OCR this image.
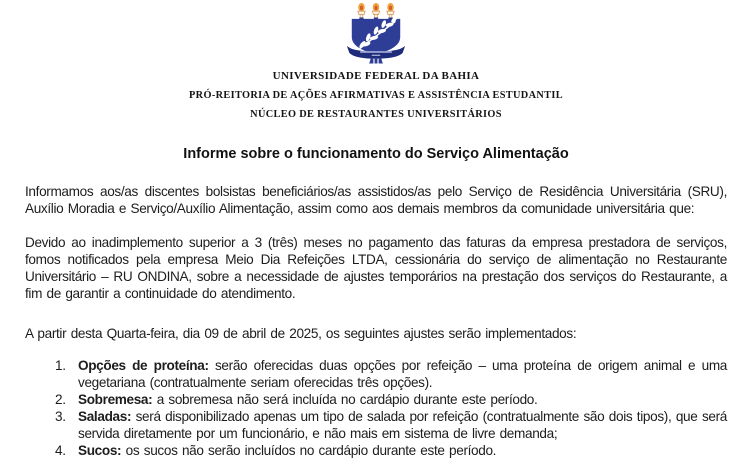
UNIVERSIDADE FEDERAL DA BAHIA
PRÓ-REITORIA DE AÇÕES AFIRMATIVAS E ASSISTÊNCIA ESTUDANTIL
NÚCLEO DE RESTAURANTES UNIVERSITÁRIOS
Informe sobre o funcionamento do Serviço Alimentação

Informamos aos/as discentes bolsistas beneficiários/as assistidos/as pelo Serviço de Residência Universitária (SRU), Auxílio Moradia e Serviço/Auxílio Alimentação, assim como aos demais membros da comunidade universitária que:

Devido ao inadimplemento superior a 3 (três) meses no pagamento das faturas da empresa prestadora de serviços, fomos notificados pela empresa Meio Dia Refeições LTDA, cessionária do serviço de alimentação no Restaurante Universitário – RU ONDINA, sobre a necessidade de ajustes temporários na prestação dos serviços do Restaurante, a fim de garantir a continuidade do atendimento.

A partir desta Quarta-feira, dia 09 de abril de 2025, os seguintes ajustes serão implementados:

1. Opções de proteína: serão oferecidas duas opções por refeição – uma proteína de origem animal e uma vegetariana (contratualmente seriam oferecidas três opções).
2. Sobremesa: a sobremesa não será incluída no cardápio durante este período.
3. Saladas: será disponibilizado apenas um tipo de salada por refeição (contratualmente são dois tipos), que será servida diretamente por um funcionário, e não mais em sistema de livre demanda;
4. Sucos: os sucos não serão incluídos no cardápio durante este período.
